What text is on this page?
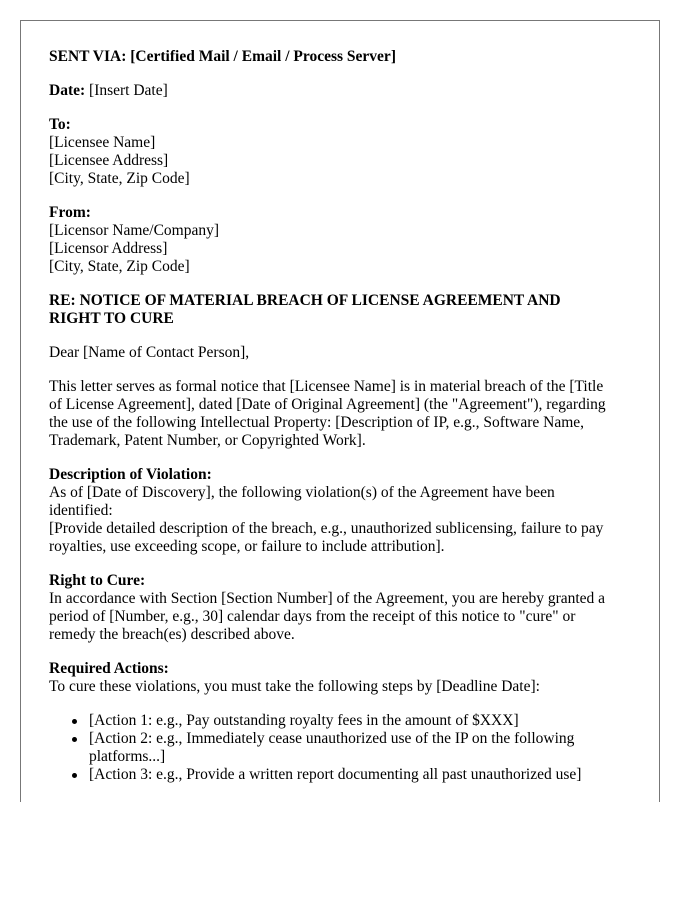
SENT VIA: [Certified Mail / Email / Process Server]
Date: [Insert Date]
To:
[Licensee Name]
[Licensee Address]
[City, State, Zip Code]
From:
[Licensor Name/Company]
[Licensor Address]
[City, State, Zip Code]
RE: NOTICE OF MATERIAL BREACH OF LICENSE AGREEMENT AND
RIGHT TO CURE
Dear [Name of Contact Person],
This letter serves as formal notice that [Licensee Name] is in material breach of the [Title
of License Agreement], dated [Date of Original Agreement] (the "Agreement"), regarding
the use of the following Intellectual Property: [Description of IP, e.g., Software Name,
Trademark, Patent Number, or Copyrighted Work].
Description of Violation:
As of [Date of Discovery], the following violation(s) of the Agreement have been
identified:
[Provide detailed description of the breach, e.g., unauthorized sublicensing, failure to pay
royalties, use exceeding scope, or failure to include attribution].
Right to Cure:
In accordance with Section [Section Number] of the Agreement, you are hereby granted a
period of [Number, e.g., 30] calendar days from the receipt of this notice to "cure" or
remedy the breach(es) described above.
Required Actions:
To cure these violations, you must take the following steps by [Deadline Date]:
[Action 1: e.g., Pay outstanding royalty fees in the amount of $XXX]
[Action 2: e.g., Immediately cease unauthorized use of the IP on the following
platforms...]
[Action 3: e.g., Provide a written report documenting all past unauthorized use]
